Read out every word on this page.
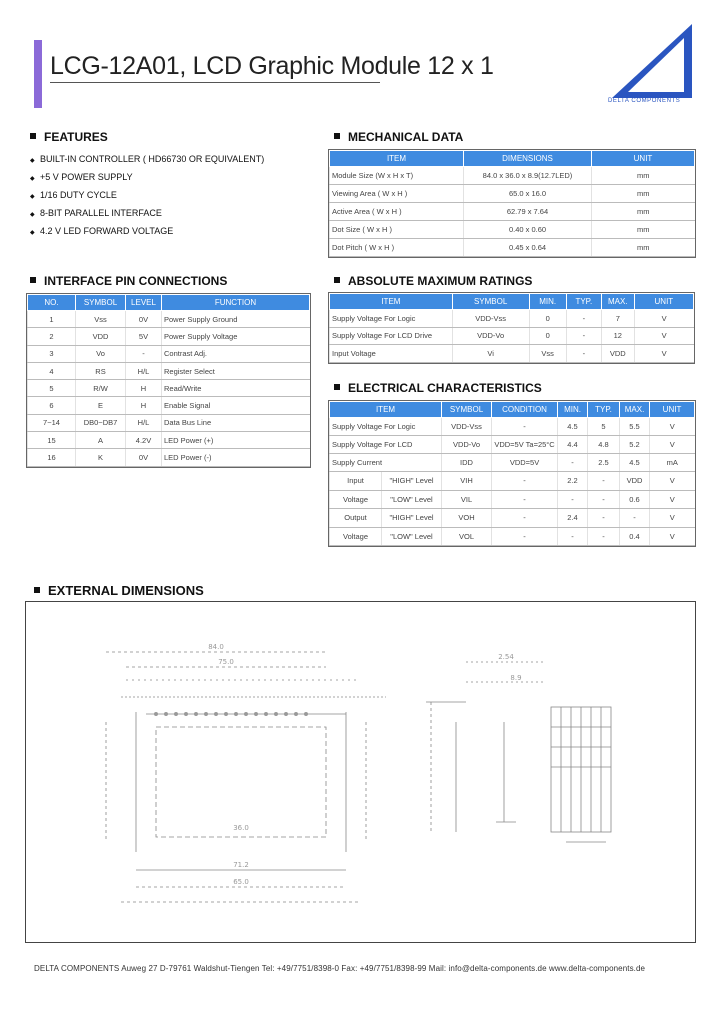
LCG-12A01, LCD Graphic Module 12 x 1
DELTA COMPONENTS
FEATURES
◆ BUILT-IN CONTROLLER ( HD66730 OR EQUIVALENT)
◆ +5 V POWER SUPPLY
◆ 1/16 DUTY CYCLE
◆ 8-BIT PARALLEL INTERFACE
◆ 4.2 V LED FORWARD VOLTAGE
MECHANICAL DATA
ITEM	DIMENSIONS	UNIT
Module Size (W x H x T)	84.0 x 36.0 x 8.9(12.7LED)	mm
Viewing Area ( W x H )	65.0 x 16.0	mm
Active Area ( W x H )	62.79 x 7.64	mm
Dot Size ( W x H )	0.40 x 0.60	mm
Dot Pitch ( W x H )	0.45 x 0.64	mm
INTERFACE PIN CONNECTIONS
NO.	SYMBOL	LEVEL	FUNCTION
1	Vss	0V	Power Supply Ground
2	VDD	5V	Power Supply Voltage
3	Vo	-	Contrast Adj.
4	RS	H/L	Register Select
5	R/W	H	Read/Write
6	E	H	Enable Signal
7~14	DB0~DB7	H/L	Data Bus Line
15	A	4.2V	LED Power (+)
16	K	0V	LED Power (-)
ABSOLUTE MAXIMUM RATINGS
ITEM	SYMBOL	MIN.	TYP.	MAX.	UNIT
Supply Voltage For Logic	VDD-Vss	0	-	7	V
Supply Voltage For LCD Drive	VDD-Vo	0	-	12	V
Input Voltage	Vi	Vss	-	VDD	V
ELECTRICAL CHARACTERISTICS
ITEM		SYMBOL	CONDITION	MIN.	TYP.	MAX.	UNIT
Supply Voltage For Logic		VDD-Vss	-	4.5	5	5.5	V
Supply Voltage For LCD		VDD-Vo	VDD=5V Ta=25°C	4.4	4.8	5.2	V
Supply Current		IDD	VDD=5V	-	2.5	4.5	mA
Input	"HIGH" Level	VIH	-	2.2	-	VDD	V
Voltage	"LOW" Level	VIL	-	-	-	0.6	V
Output	"HIGH" Level	VOH	-	2.4	-	-	V
Voltage	"LOW" Level	VOL	-	-	-	0.4	V
EXTERNAL DIMENSIONS
84.0
75.0
71.2
65.0
36.0
2.54
8.9
DELTA COMPONENTS Auweg 27 D-79761 Waldshut-Tiengen Tel: +49/7751/8398-0 Fax: +49/7751/8398-99 Mail: info@delta-components.de www.delta-components.de
